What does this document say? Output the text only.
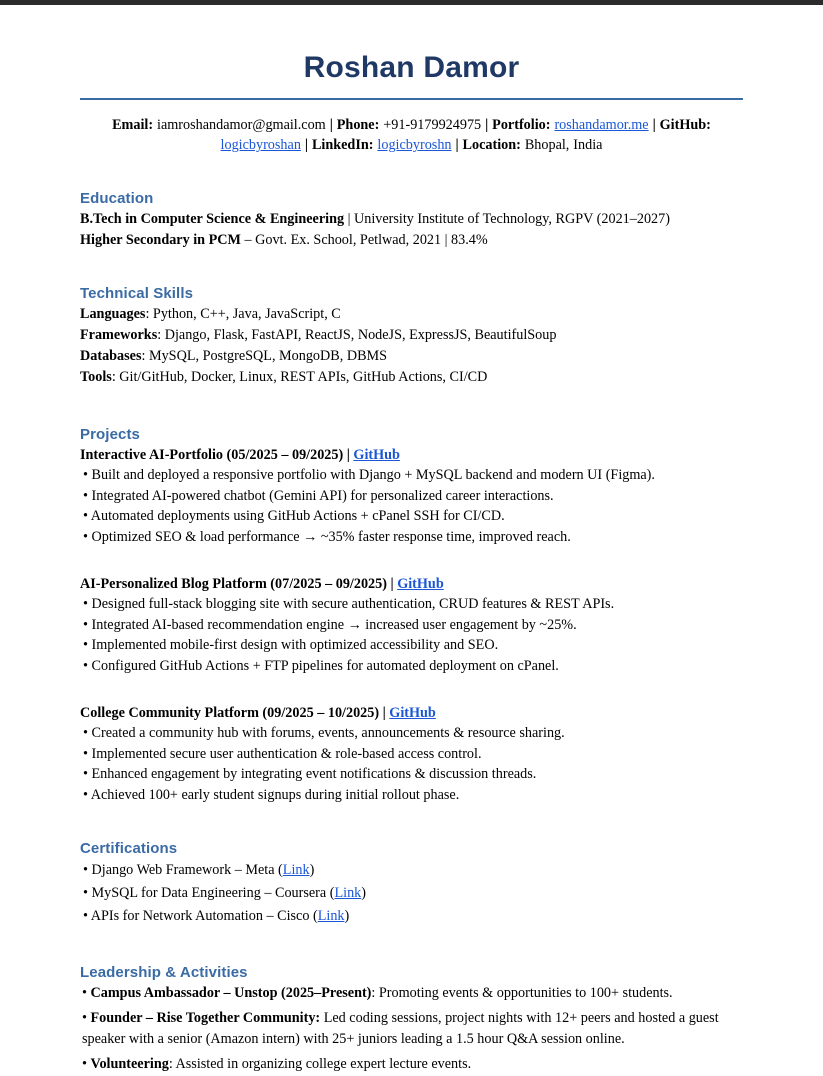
Roshan Damor
Email: iamroshandamor@gmail.com | Phone: +91-9179924975 | Portfolio: roshandamor.me | GitHub: logicbyroshan | LinkedIn: logicbyroshn | Location: Bhopal, India
Education

B.Tech in Computer Science & Engineering | University Institute of Technology, RGPV (2021–2027)

Higher Secondary in PCM – Govt. Ex. School, Petlwad, 2021 | 83.4%

Technical Skills

Languages: Python, C++, Java, JavaScript, C

Frameworks: Django, Flask, FastAPI, ReactJS, NodeJS, ExpressJS, BeautifulSoup

Databases: MySQL, PostgreSQL, MongoDB, DBMS

Tools: Git/GitHub, Docker, Linux, REST APIs, GitHub Actions, CI/CD

Projects

Interactive AI-Portfolio (05/2025 – 09/2025) | GitHub

• Built and deployed a responsive portfolio with Django + MySQL backend and modern UI (Figma).

• Integrated AI-powered chatbot (Gemini API) for personalized career interactions.

• Automated deployments using GitHub Actions + cPanel SSH for CI/CD.

• Optimized SEO & load performance → ~35% faster response time, improved reach.

AI-Personalized Blog Platform (07/2025 – 09/2025) | GitHub

• Designed full-stack blogging site with secure authentication, CRUD features & REST APIs.

• Integrated AI-based recommendation engine → increased user engagement by ~25%.

• Implemented mobile-first design with optimized accessibility and SEO.

• Configured GitHub Actions + FTP pipelines for automated deployment on cPanel.

College Community Platform (09/2025 – 10/2025) | GitHub

• Created a community hub with forums, events, announcements & resource sharing.

• Implemented secure user authentication & role-based access control.

• Enhanced engagement by integrating event notifications & discussion threads.

• Achieved 100+ early student signups during initial rollout phase.

Certifications

• Django Web Framework – Meta (Link)

• MySQL for Data Engineering – Coursera (Link)

• APIs for Network Automation – Cisco (Link)

Leadership & Activities

• Campus Ambassador – Unstop (2025–Present): Promoting events & opportunities to 100+ students.

• Founder – Rise Together Community: Led coding sessions, project nights with 12+ peers and hosted a guest speaker with a senior (Amazon intern) with 25+ juniors leading a 1.5 hour Q&A session online.

• Volunteering: Assisted in organizing college expert lecture events.
